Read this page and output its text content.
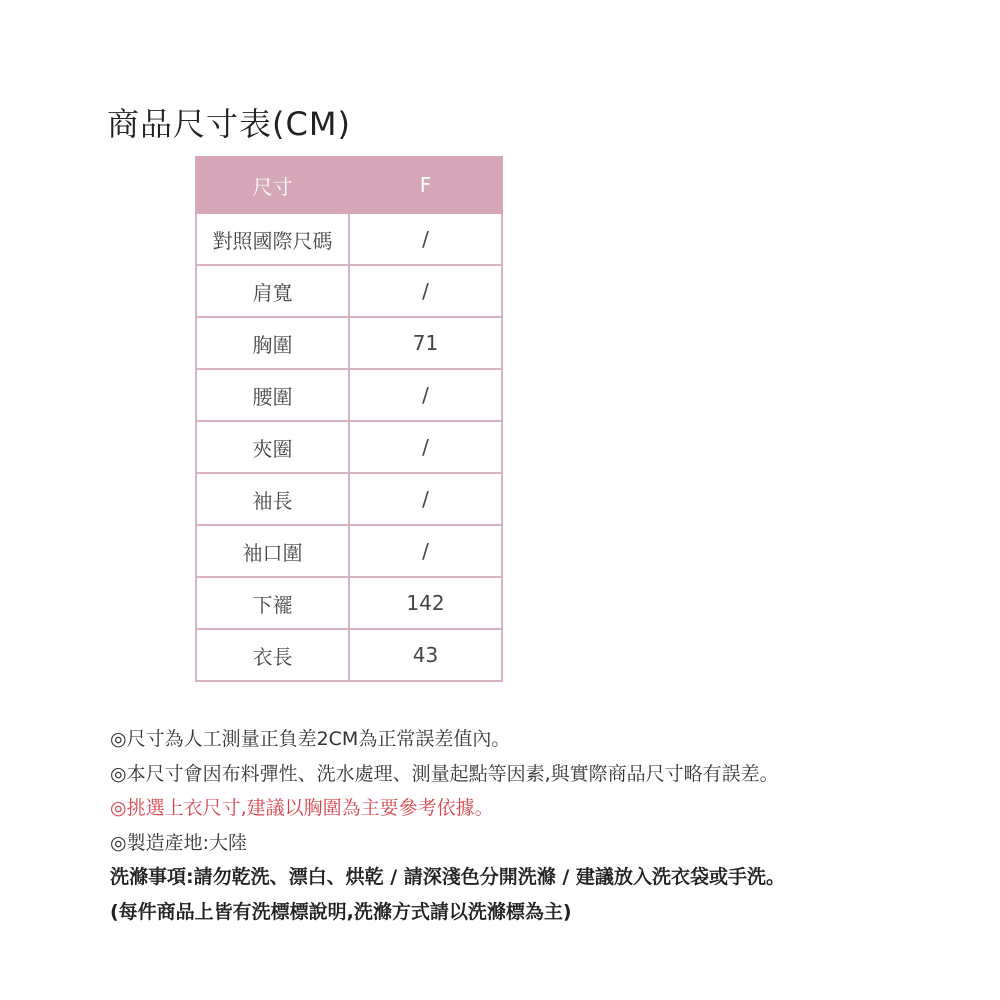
商品尺寸表(CM)
尺寸	F
對照國際尺碼	/
肩寬	/
胸圍	71
腰圍	/
夾圈	/
袖長	/
袖口圍	/
下襬	142
衣長	43
◎尺寸為人工測量正負差2CM為正常誤差值內。
◎本尺寸會因布料彈性、洗水處理、測量起點等因素,與實際商品尺寸略有誤差。
◎挑選上衣尺寸,建議以胸圍為主要參考依據。
◎製造產地:大陸
洗滌事項:請勿乾洗、漂白、烘乾 / 請深淺色分開洗滌 / 建議放入洗衣袋或手洗。
(每件商品上皆有洗標標說明,洗滌方式請以洗滌標為主)
